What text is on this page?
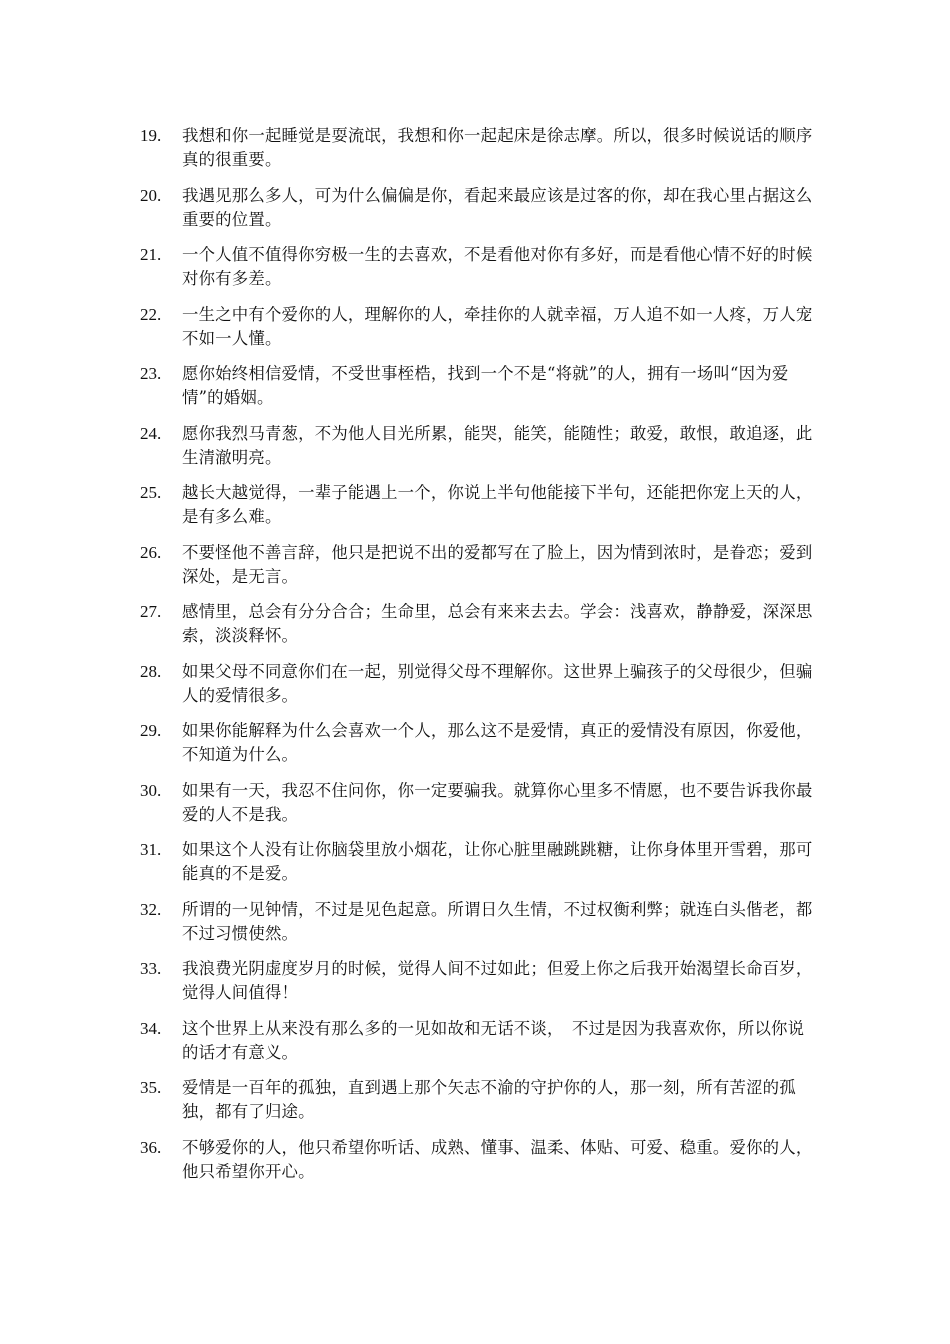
19.	我想和你一起睡觉是耍流氓，我想和你一起起床是徐志摩。所以，很多时候说话的顺序真的很重要。
20.	我遇见那么多人，可为什么偏偏是你，看起来最应该是过客的你，却在我心里占据这么重要的位置。
21.	一个人值不值得你穷极一生的去喜欢，不是看他对你有多好，而是看他心情不好的时候对你有多差。
22.	一生之中有个爱你的人，理解你的人，牵挂你的人就幸福，万人追不如一人疼，万人宠不如一人懂。
23.	愿你始终相信爱情，不受世事桎梏，找到一个不是“将就”的人，拥有一场叫“因为爱情”的婚姻。
24.	愿你我烈马青葱，不为他人目光所累，能哭，能笑，能随性；敢爱，敢恨，敢追逐，此生清澈明亮。
25.	越长大越觉得，一辈子能遇上一个，你说上半句他能接下半句，还能把你宠上天的人，是有多么难。
26.	不要怪他不善言辞，他只是把说不出的爱都写在了脸上，因为情到浓时，是眷恋；爱到深处，是无言。
27.	感情里，总会有分分合合；生命里，总会有来来去去。学会：浅喜欢，静静爱，深深思索，淡淡释怀。
28.	如果父母不同意你们在一起，别觉得父母不理解你。这世界上骗孩子的父母很少，但骗人的爱情很多。
29.	如果你能解释为什么会喜欢一个人，那么这不是爱情，真正的爱情没有原因，你爱他，不知道为什么。
30.	如果有一天，我忍不住问你，你一定要骗我。就算你心里多不情愿，也不要告诉我你最爱的人不是我。
31.	如果这个人没有让你脑袋里放小烟花，让你心脏里融跳跳糖，让你身体里开雪碧，那可能真的不是爱。
32.	所谓的一见钟情，不过是见色起意。所谓日久生情，不过权衡利弊；就连白头偕老，都不过习惯使然。
33.	我浪费光阴虚度岁月的时候，觉得人间不过如此；但爱上你之后我开始渴望长命百岁，觉得人间值得！
34.	这个世界上从来没有那么多的一见如故和无话不谈，　不过是因为我喜欢你，所以你说的话才有意义。
35.	爱情是一百年的孤独，直到遇上那个矢志不渝的守护你的人，那一刻，所有苦涩的孤独，都有了归途。
36.	不够爱你的人，他只希望你听话、成熟、懂事、温柔、体贴、可爱、稳重。爱你的人，他只希望你开心。
